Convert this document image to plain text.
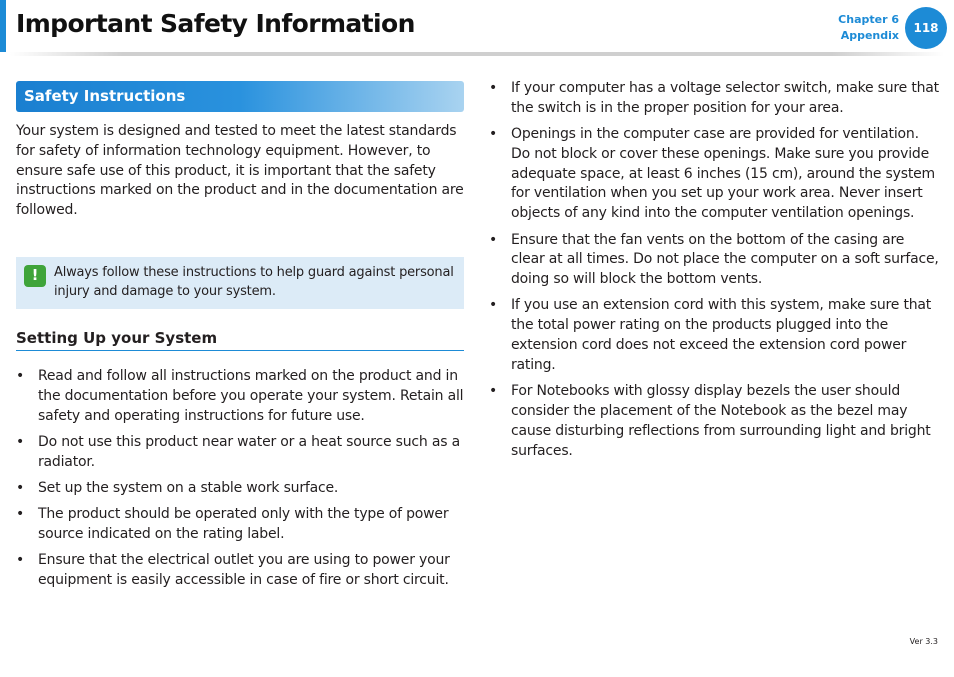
Important Safety Information	Chapter 6
Appendix
118
Safety Instructions

Your system is designed and tested to meet the latest standards for safety of information technology equipment. However, to ensure safe use of this product, it is important that the safety instructions marked on the product and in the documentation are followed.

!	Always follow these instructions to help guard against personal injury and damage to your system.
Setting Up your System
• Read and follow all instructions marked on the product and in the documentation before you operate your system. Retain all safety and operating instructions for future use.
• Do not use this product near water or a heat source such as a radiator.
• Set up the system on a stable work surface.
• The product should be operated only with the type of power source indicated on the rating label.
• Ensure that the electrical outlet you are using to power your equipment is easily accessible in case of fire or short circuit.
• If your computer has a voltage selector switch, make sure that the switch is in the proper position for your area.
• Openings in the computer case are provided for ventilation. Do not block or cover these openings. Make sure you provide adequate space, at least 6 inches (15 cm), around the system for ventilation when you set up your work area. Never insert objects of any kind into the computer ventilation openings.
• Ensure that the fan vents on the bottom of the casing are clear at all times. Do not place the computer on a soft surface, doing so will block the bottom vents.
• If you use an extension cord with this system, make sure that the total power rating on the products plugged into the extension cord does not exceed the extension cord power rating.
• For Notebooks with glossy display bezels the user should consider the placement of the Notebook as the bezel may cause disturbing reflections from surrounding light and bright surfaces.
Ver 3.3
